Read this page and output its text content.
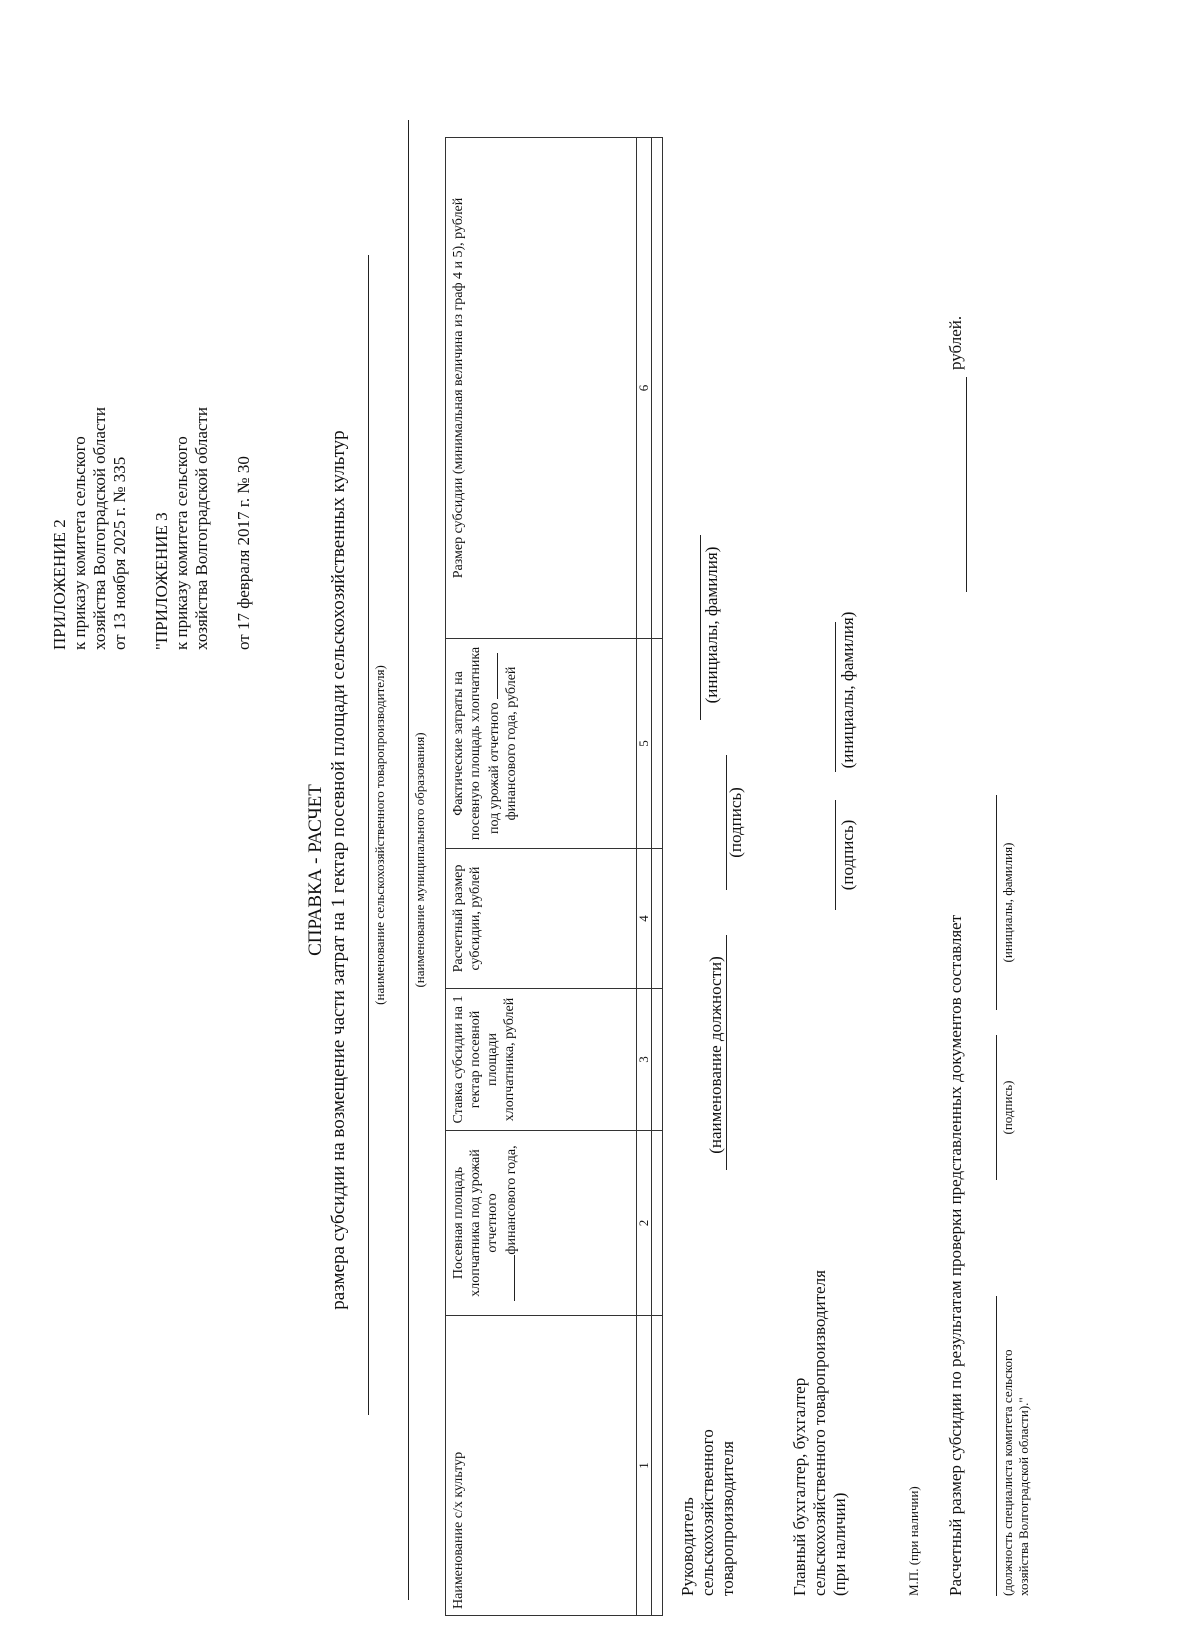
ПРИЛОЖЕНИЕ 2 к приказу комитета сельского хозяйства Волгоградской области от 13 ноября 2025 г. № 335 "ПРИЛОЖЕНИЕ 3 к приказу комитета сельского хозяйства Волгоградской области от 17 февраля 2017 г. № 30
СПРАВКА - РАСЧЕТ размера субсидии на возмещение части затрат на 1 гектар посевной площади сельскохозяйственных культур (наименование сельскохозяйственного товаропроизводителя) (наименование муниципального образования)
Наименование с/х культур	Посевная площадь хлопчатника под урожай отчетного финансового года,	Ставка субсидии на 1 гектар посевной площади хлопчатника, рублей	Расчетный размер субсидии, рублей	Фактические затраты на посевную площадь хлопчатника под урожай отчетного финансового года, рублей	Размер субсидии (минимальная величина из граф 4 и 5), рублей
1	2	3	4	5	6

Руководитель сельскохозяйственного товаропроизводителя
(наименование должности)
(подпись)
(инициалы, фамилия)
Главный бухгалтер, бухгалтер сельскохозяйственного товаропроизводителя (при наличии)
(подпись)
(инициалы, фамилия)
М.П. (при наличии) Расчетный размер субсидии по результатам проверки представленных документов составляет
рублей.
(должность специалиста комитета сельского хозяйства Волгоградской области)."
(подпись)
(инициалы, фамилия)
